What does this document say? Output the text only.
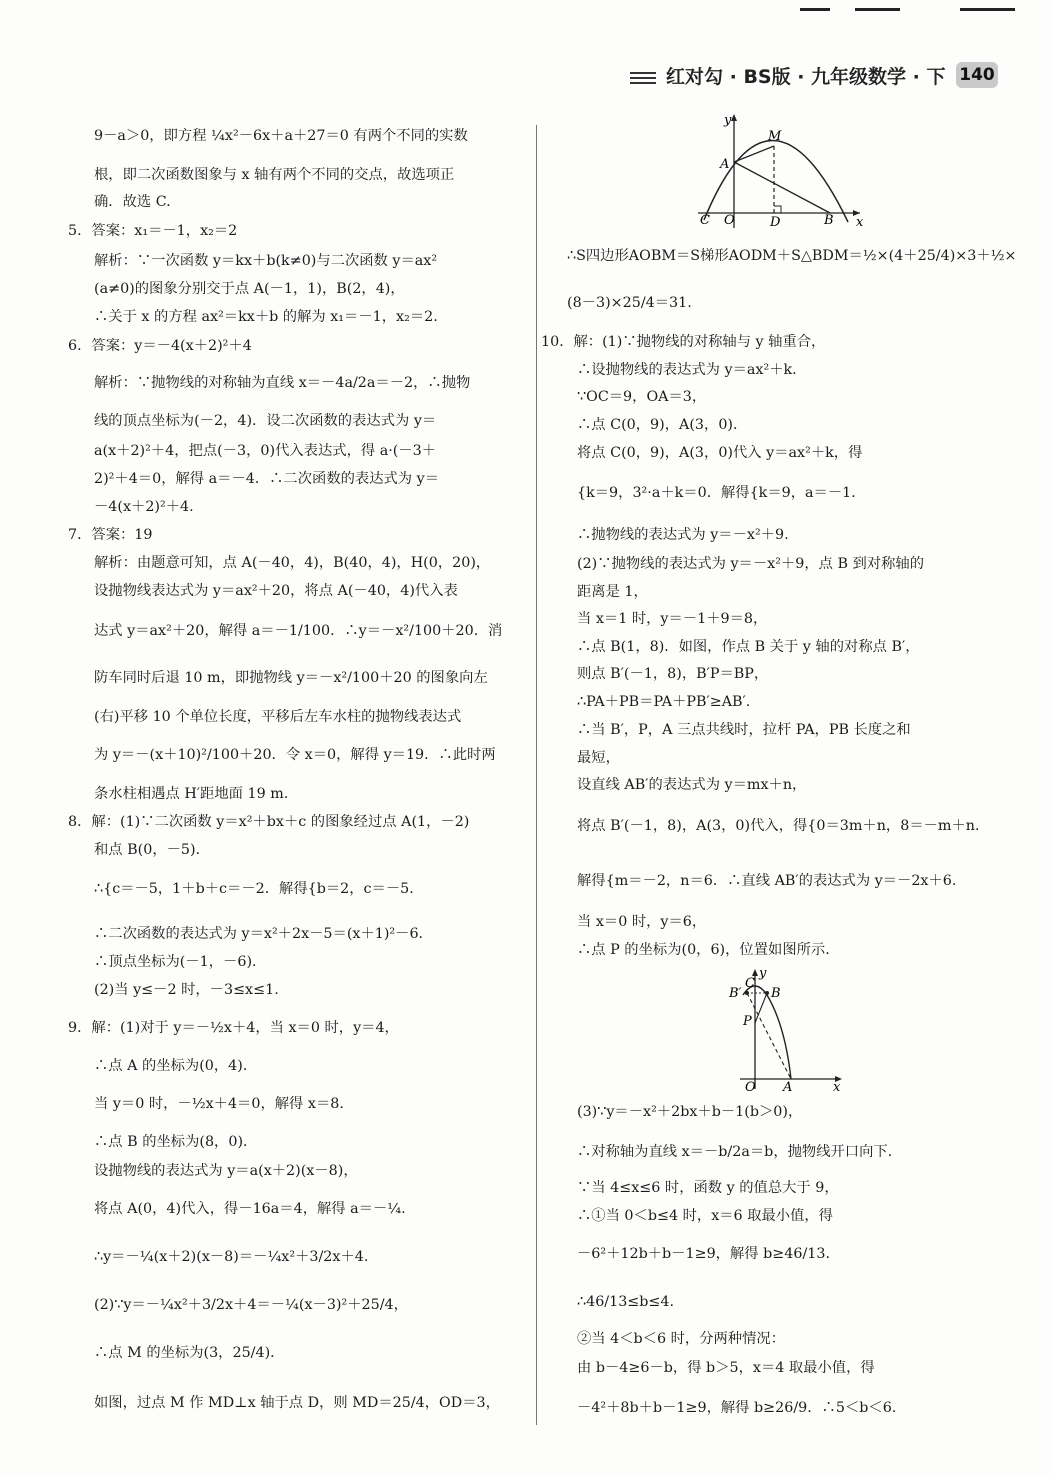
红对勾 · BS版 · 九年级数学 · 下 140
9－a＞0，即方程 ¼x²－6x＋a＋27＝0 有两个不同的实数
根，即二次函数图象与 x 轴有两个不同的交点，故选项正
确．故选 C.
5．答案：x₁＝－1，x₂＝2
解析：∵一次函数 y＝kx＋b(k≠0)与二次函数 y＝ax²
(a≠0)的图象分别交于点 A(－1，1)，B(2，4)，
∴关于 x 的方程 ax²＝kx＋b 的解为 x₁＝－1，x₂＝2.
6．答案：y＝－4(x＋2)²＋4
解析：∵抛物线的对称轴为直线 x＝－4a/2a＝－2，∴抛物
线的顶点坐标为(－2，4)．设二次函数的表达式为 y＝
a(x＋2)²＋4，把点(－3，0)代入表达式，得 a·(－3＋
2)²＋4＝0，解得 a＝－4．∴二次函数的表达式为 y＝
－4(x＋2)²＋4.
7．答案：19
解析：由题意可知，点 A(－40，4)，B(40，4)，H(0，20)，
设抛物线表达式为 y＝ax²＋20，将点 A(－40，4)代入表
达式 y＝ax²＋20，解得 a＝－1/100．∴y＝－x²/100＋20．消
防车同时后退 10 m，即抛物线 y＝－x²/100＋20 的图象向左
(右)平移 10 个单位长度，平移后左车水柱的抛物线表达式
为 y＝－(x＋10)²/100＋20．令 x＝0，解得 y＝19．∴此时两
条水柱相遇点 H′距地面 19 m.
8．解：(1)∵二次函数 y＝x²＋bx＋c 的图象经过点 A(1，－2)
和点 B(0，－5)．
∴{c＝－5，1＋b＋c＝－2．解得{b＝2，c＝－5．
∴二次函数的表达式为 y＝x²＋2x－5＝(x＋1)²－6．
∴顶点坐标为(－1，－6)．
(2)当 y≤－2 时，－3≤x≤1.
9．解：(1)对于 y＝－½x＋4，当 x＝0 时，y＝4，
∴点 A 的坐标为(0，4)．
当 y＝0 时，－½x＋4＝0，解得 x＝8.
∴点 B 的坐标为(8，0)．
设抛物线的表达式为 y＝a(x＋2)(x－8)，
将点 A(0，4)代入，得－16a＝4，解得 a＝－¼.
∴y＝－¼(x＋2)(x－8)＝－¼x²＋3/2x＋4.
(2)∵y＝－¼x²＋3/2x＋4＝－¼(x－3)²＋25/4，
∴点 M 的坐标为(3，25/4)．
如图，过点 M 作 MD⊥x 轴于点 D，则 MD＝25/4，OD＝3，
y
M
A
C O	D	B x
∴S四边形AOBM＝S梯形AODM＋S△BDM＝½×(4＋25/4)×3＋½×
(8－3)×25/4＝31.
10．解：(1)∵抛物线的对称轴与 y 轴重合，
∴设抛物线的表达式为 y＝ax²＋k.
∵OC＝9，OA＝3，
∴点 C(0，9)，A(3，0)．
将点 C(0，9)，A(3，0)代入 y＝ax²＋k，得
{k＝9，3²·a＋k＝0．解得{k＝9，a＝－1．
∴抛物线的表达式为 y＝－x²＋9.
(2)∵抛物线的表达式为 y＝－x²＋9，点 B 到对称轴的
距离是 1，
当 x＝1 时，y＝－1＋9＝8，
∴点 B(1，8)．如图，作点 B 关于 y 轴的对称点 B′，
则点 B′(－1，8)，B′P＝BP，
∴PA＋PB＝PA＋PB′≥AB′.
∴当 B′，P，A 三点共线时，拉杆 PA，PB 长度之和
最短，
设直线 AB′的表达式为 y＝mx＋n，
将点 B′(－1，8)，A(3，0)代入，得{0＝3m＋n，8＝－m＋n．
解得{m＝－2，n＝6．∴直线 AB′的表达式为 y＝－2x＋6.
当 x＝0 时，y＝6，
∴点 P 的坐标为(0，6)，位置如图所示．
(3)∵y＝－x²＋2bx＋b－1(b＞0)，
∴对称轴为直线 x＝－b/2a＝b，抛物线开口向下．
∵当 4≤x≤6 时，函数 y 的值总大于 9，
∴①当 0＜b≤4 时，x＝6 取最小值，得
－6²＋12b＋b－1≥9，解得 b≥46/13.
∴46/13≤b≤4.
②当 4＜b＜6 时，分两种情况：
由 b－4≥6－b，得 b＞5，x＝4 取最小值，得
－4²＋8b＋b－1≥9，解得 b≥26/9．∴5＜b＜6.
y
C
B′ B
P
O A	x
